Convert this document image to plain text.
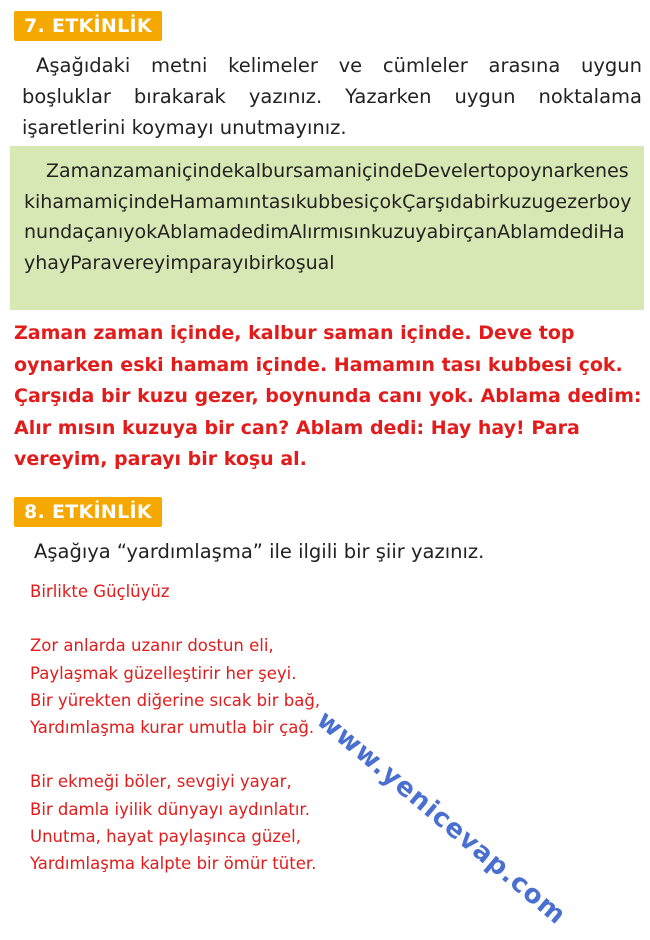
7. ETKİNLİK

Aşağıdaki metni kelimeler ve cümleler arasına uygun boşluklar bırakarak yazınız. Yazarken uygun noktalama işaretlerini koymayı unutmayınız.

ZamanzamaniçindekalbursamaniçindeDevelertopoynarkeneskihamamiçindeHamamıntasıkubbesiçokÇarşıdabirkuzugezerboynundaçanıyokAblamadedimAlırmısınkuzuyabirçanAblamdediHayhayParavereyimparayıbirkoşual

Zaman zaman içinde, kalbur saman içinde. Deve top oynarken eski hamam içinde. Hamamın tası kubbesi çok. Çarşıda bir kuzu gezer, boynunda canı yok. Ablama dedim: Alır mısın kuzuya bir can? Ablam dedi: Hay hay! Para vereyim, parayı bir koşu al.

8. ETKİNLİK

Aşağıya “yardımlaşma” ile ilgili bir şiir yazınız.

Birlikte Güçlüyüz

Zor anlarda uzanır dostun eli,

Paylaşmak güzelleştirir her şeyi.

Bir yürekten diğerine sıcak bir bağ,

Yardımlaşma kurar umutla bir çağ.

Bir ekmeği böler, sevgiyi yayar,

Bir damla iyilik dünyayı aydınlatır.

Unutma, hayat paylaşınca güzel,

Yardımlaşma kalpte bir ömür tüter.

www.yenicevap.com
